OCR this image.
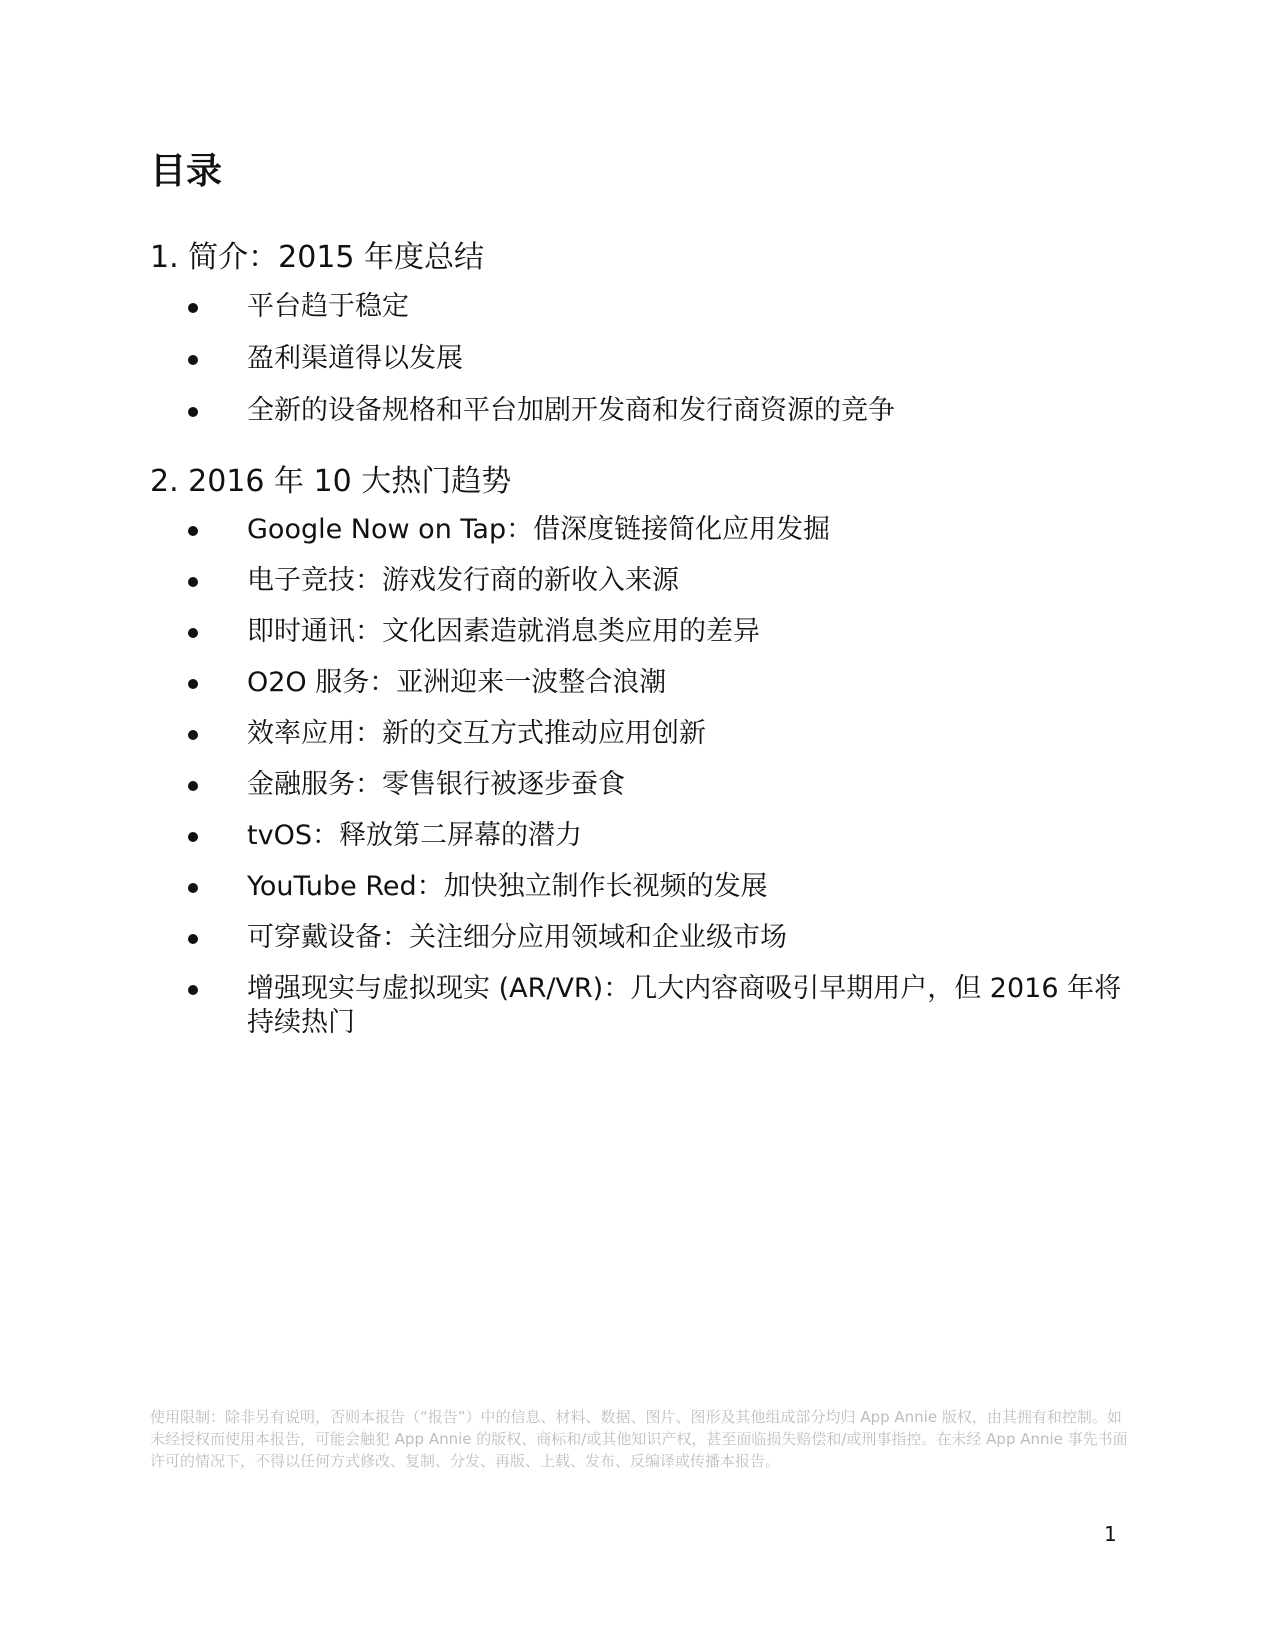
目录
1. 简介：2015 年度总结
平台趋于稳定
盈利渠道得以发展
全新的设备规格和平台加剧开发商和发行商资源的竞争
2. 2016 年 10 大热门趋势
Google Now on Tap：借深度链接简化应用发掘
电子竞技：游戏发行商的新收入来源
即时通讯：文化因素造就消息类应用的差异
O2O 服务：亚洲迎来一波整合浪潮
效率应用：新的交互方式推动应用创新
金融服务：零售银行被逐步蚕食
tvOS：释放第二屏幕的潜力
YouTube Red：加快独立制作长视频的发展
可穿戴设备：关注细分应用领域和企业级市场
增强现实与虚拟现实 (AR/VR)：几大内容商吸引早期用户，但 2016 年将持续热门

使用限制：除非另有说明，否则本报告（“报告”）中的信息、材料、数据、图片、图形及其他组成部分均归 App Annie 版权，由其拥有和控制。如未经授权而使用本报告，可能会触犯 App Annie 的版权、商标和/或其他知识产权，甚至面临损失赔偿和/或刑事指控。在未经 App Annie 事先书面许可的情况下，不得以任何方式修改、复制、分发、再版、上载、发布、反编译或传播本报告。

1
